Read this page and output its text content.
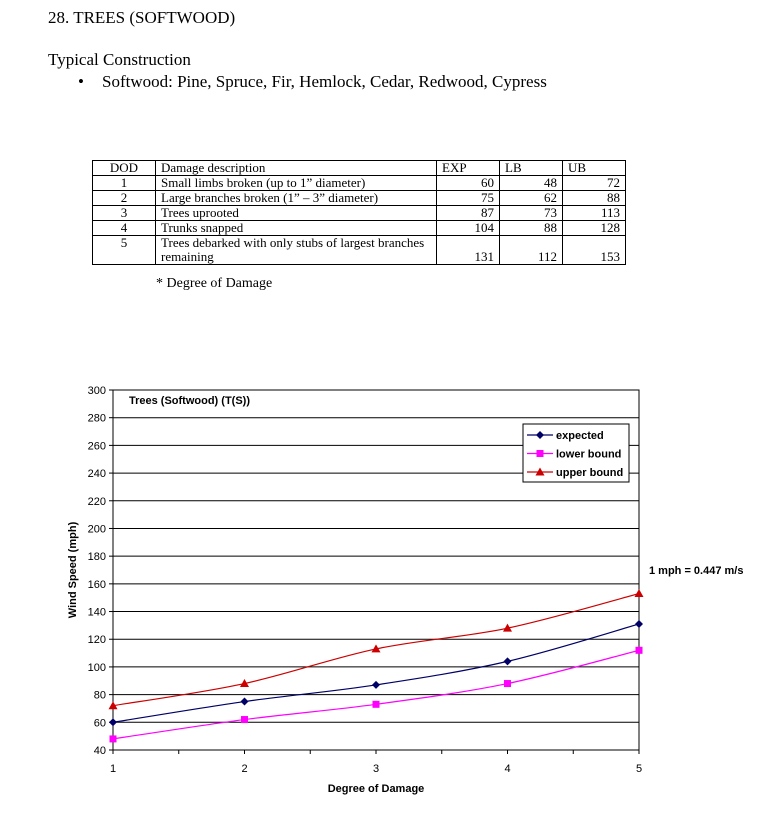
28. TREES (SOFTWOOD)
Typical Construction
• Softwood: Pine, Spruce, Fir, Hemlock, Cedar, Redwood, Cypress
DOD	Damage description	EXP	LB	UB
1	Small limbs broken (up to 1” diameter)	60	48	72
2	Large branches broken (1” – 3” diameter)	75	62	88
3	Trees uprooted	87	73	113
4	Trunks snapped	104	88	128
5	Trees debarked with only stubs of largest branches remaining	131	112	153
* Degree of Damage
40
60
80
100
120
140
160
180
200
220
240
260
280
300
1	2	3	4	5
Degree of Damage
Wind Speed (mph)
Trees (Softwood) (T(S))
1 mph = 0.447 m/s
expected
lower bound
upper bound
